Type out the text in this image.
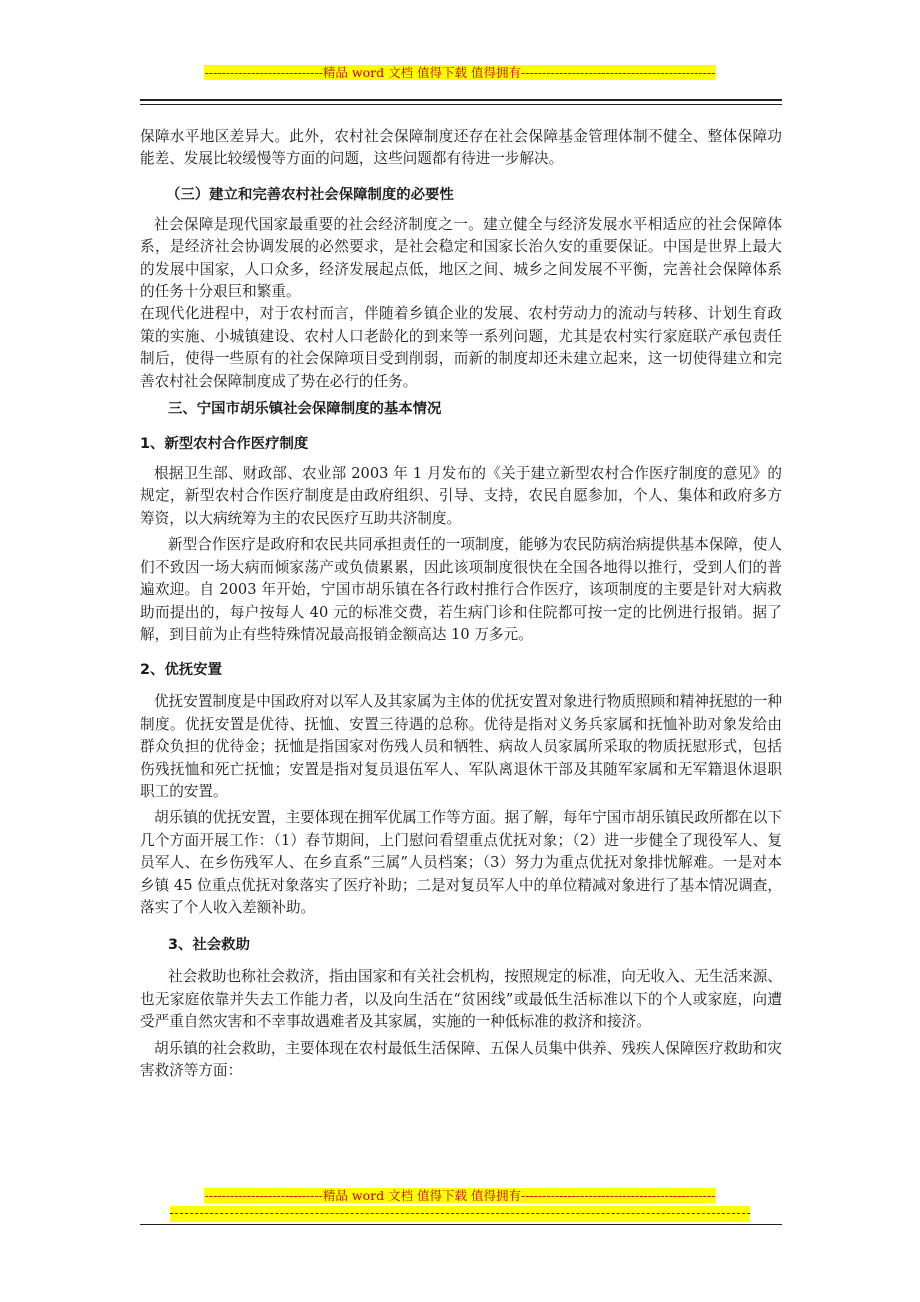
----------------------------精品 word 文档 值得下载 值得拥有----------------------------------------------

保障水平地区差异大。此外，农村社会保障制度还存在社会保障基金管理体制不健全、整体保障功能差、发展比较缓慢等方面的问题，这些问题都有待进一步解决。

（三）建立和完善农村社会保障制度的必要性

社会保障是现代国家最重要的社会经济制度之一。建立健全与经济发展水平相适应的社会保障体系，是经济社会协调发展的必然要求，是社会稳定和国家长治久安的重要保证。中国是世界上最大的发展中国家，人口众多，经济发展起点低，地区之间、城乡之间发展不平衡，完善社会保障体系的任务十分艰巨和繁重。

在现代化进程中，对于农村而言，伴随着乡镇企业的发展、农村劳动力的流动与转移、计划生育政策的实施、小城镇建设、农村人口老龄化的到来等一系列问题，尤其是农村实行家庭联产承包责任制后，使得一些原有的社会保障项目受到削弱，而新的制度却还未建立起来，这一切使得建立和完善农村社会保障制度成了势在必行的任务。

三、宁国市胡乐镇社会保障制度的基本情况

1、新型农村合作医疗制度

根据卫生部、财政部、农业部 2003 年 1 月发布的《关于建立新型农村合作医疗制度的意见》的规定，新型农村合作医疗制度是由政府组织、引导、支持，农民自愿参加，个人、集体和政府多方筹资，以大病统筹为主的农民医疗互助共济制度。

新型合作医疗是政府和农民共同承担责任的一项制度，能够为农民防病治病提供基本保障，使人们不致因一场大病而倾家荡产或负债累累，因此该项制度很快在全国各地得以推行，受到人们的普遍欢迎。自 2003 年开始，宁国市胡乐镇在各行政村推行合作医疗，该项制度的主要是针对大病救助而提出的，每户按每人 40 元的标准交费，若生病门诊和住院都可按一定的比例进行报销。据了解，到目前为止有些特殊情况最高报销金额高达 10 万多元。

2、优抚安置

优抚安置制度是中国政府对以军人及其家属为主体的优抚安置对象进行物质照顾和精神抚慰的一种制度。优抚安置是优待、抚恤、安置三待遇的总称。优待是指对义务兵家属和抚恤补助对象发给由群众负担的优待金；抚恤是指国家对伤残人员和牺牲、病故人员家属所采取的物质抚慰形式，包括伤残抚恤和死亡抚恤；安置是指对复员退伍军人、军队离退休干部及其随军家属和无军籍退休退职职工的安置。

胡乐镇的优抚安置，主要体现在拥军优属工作等方面。据了解，每年宁国市胡乐镇民政所都在以下几个方面开展工作：（1）春节期间，上门慰问看望重点优抚对象；（2）进一步健全了现役军人、复员军人、在乡伤残军人、在乡直系“三属”人员档案；（3）努力为重点优抚对象排忧解难。一是对本乡镇 45 位重点优抚对象落实了医疗补助；二是对复员军人中的单位精减对象进行了基本情况调查，落实了个人收入差额补助。

3、社会救助

社会救助也称社会救济，指由国家和有关社会机构，按照规定的标准，向无收入、无生活来源、也无家庭依靠并失去工作能力者，以及向生活在“贫困线”或最低生活标准以下的个人或家庭，向遭受严重自然灾害和不幸事故遇难者及其家属，实施的一种低标准的救济和接济。

胡乐镇的社会救助，主要体现在农村最低生活保障、五保人员集中供养、残疾人保障医疗救助和灾害救济等方面：

----------------------------精品 word 文档 值得下载 值得拥有----------------------------------------------
